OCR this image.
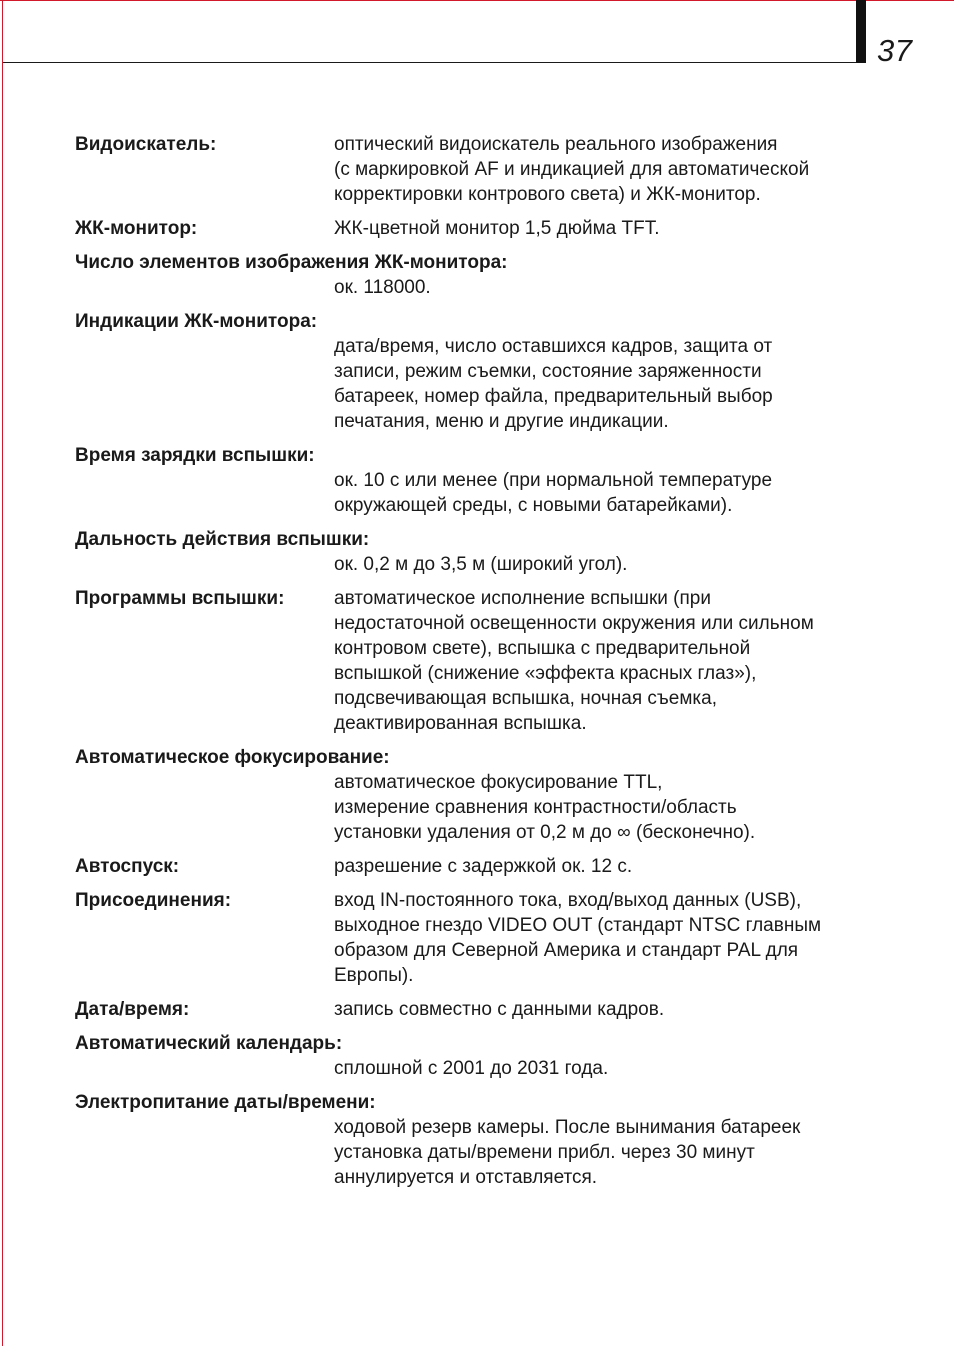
37
Видоискатель:	оптический видоискатель реального изображения
(с маркировкой AF и индикацией для автоматической
корректировки контрового света) и ЖК-монитор.
ЖК-монитор:	ЖК-цветной монитор 1,5 дюйма TFT.
Число элементов изображения ЖК-монитора:
ок. 118000.
Индикации ЖК-монитора:
дата/время, число оставшихся кадров, защита от
записи, режим съемки, состояние заряженности
батареек, номер файла, предварительный выбор
печатания, меню и другие индикации.
Время зарядки вспышки:
ок. 10 с или менее (при нормальной температуре
окружающей среды, с новыми батарейками).
Дальность действия вспышки:
ок. 0,2 м до 3,5 м (широкий угол).
Программы вспышки:	автоматическое исполнение вспышки (при
недостаточной освещенности окружения или сильном
контровом свете), вспышка с предварительной
вспышкой (снижение «эффекта красных глаз»),
подсвечивающая вспышка, ночная съемка,
деактивированная вспышка.
Автоматическое фокусирование:
автоматическое фокусирование TTL,
измерение сравнения контрастности/область
установки удаления от 0,2 м до ∞ (бесконечно).
Автоспуск:	разрешение с задержкой ок. 12 с.
Присоединения:	вход IN-постоянного тока, вход/выход данных (USB),
выходное гнездо VIDEO OUT (стандарт NTSC главным
образом для Северной Америка и стандарт PAL для
Европы).
Дата/время:	запись совместно с данными кадров.
Автоматический календарь:
сплошной с 2001 до 2031 года.
Электропитание даты/времени:
ходовой резерв камеры. После вынимания батареек
установка даты/времени прибл. через 30 минут
аннулируется и отставляется.
